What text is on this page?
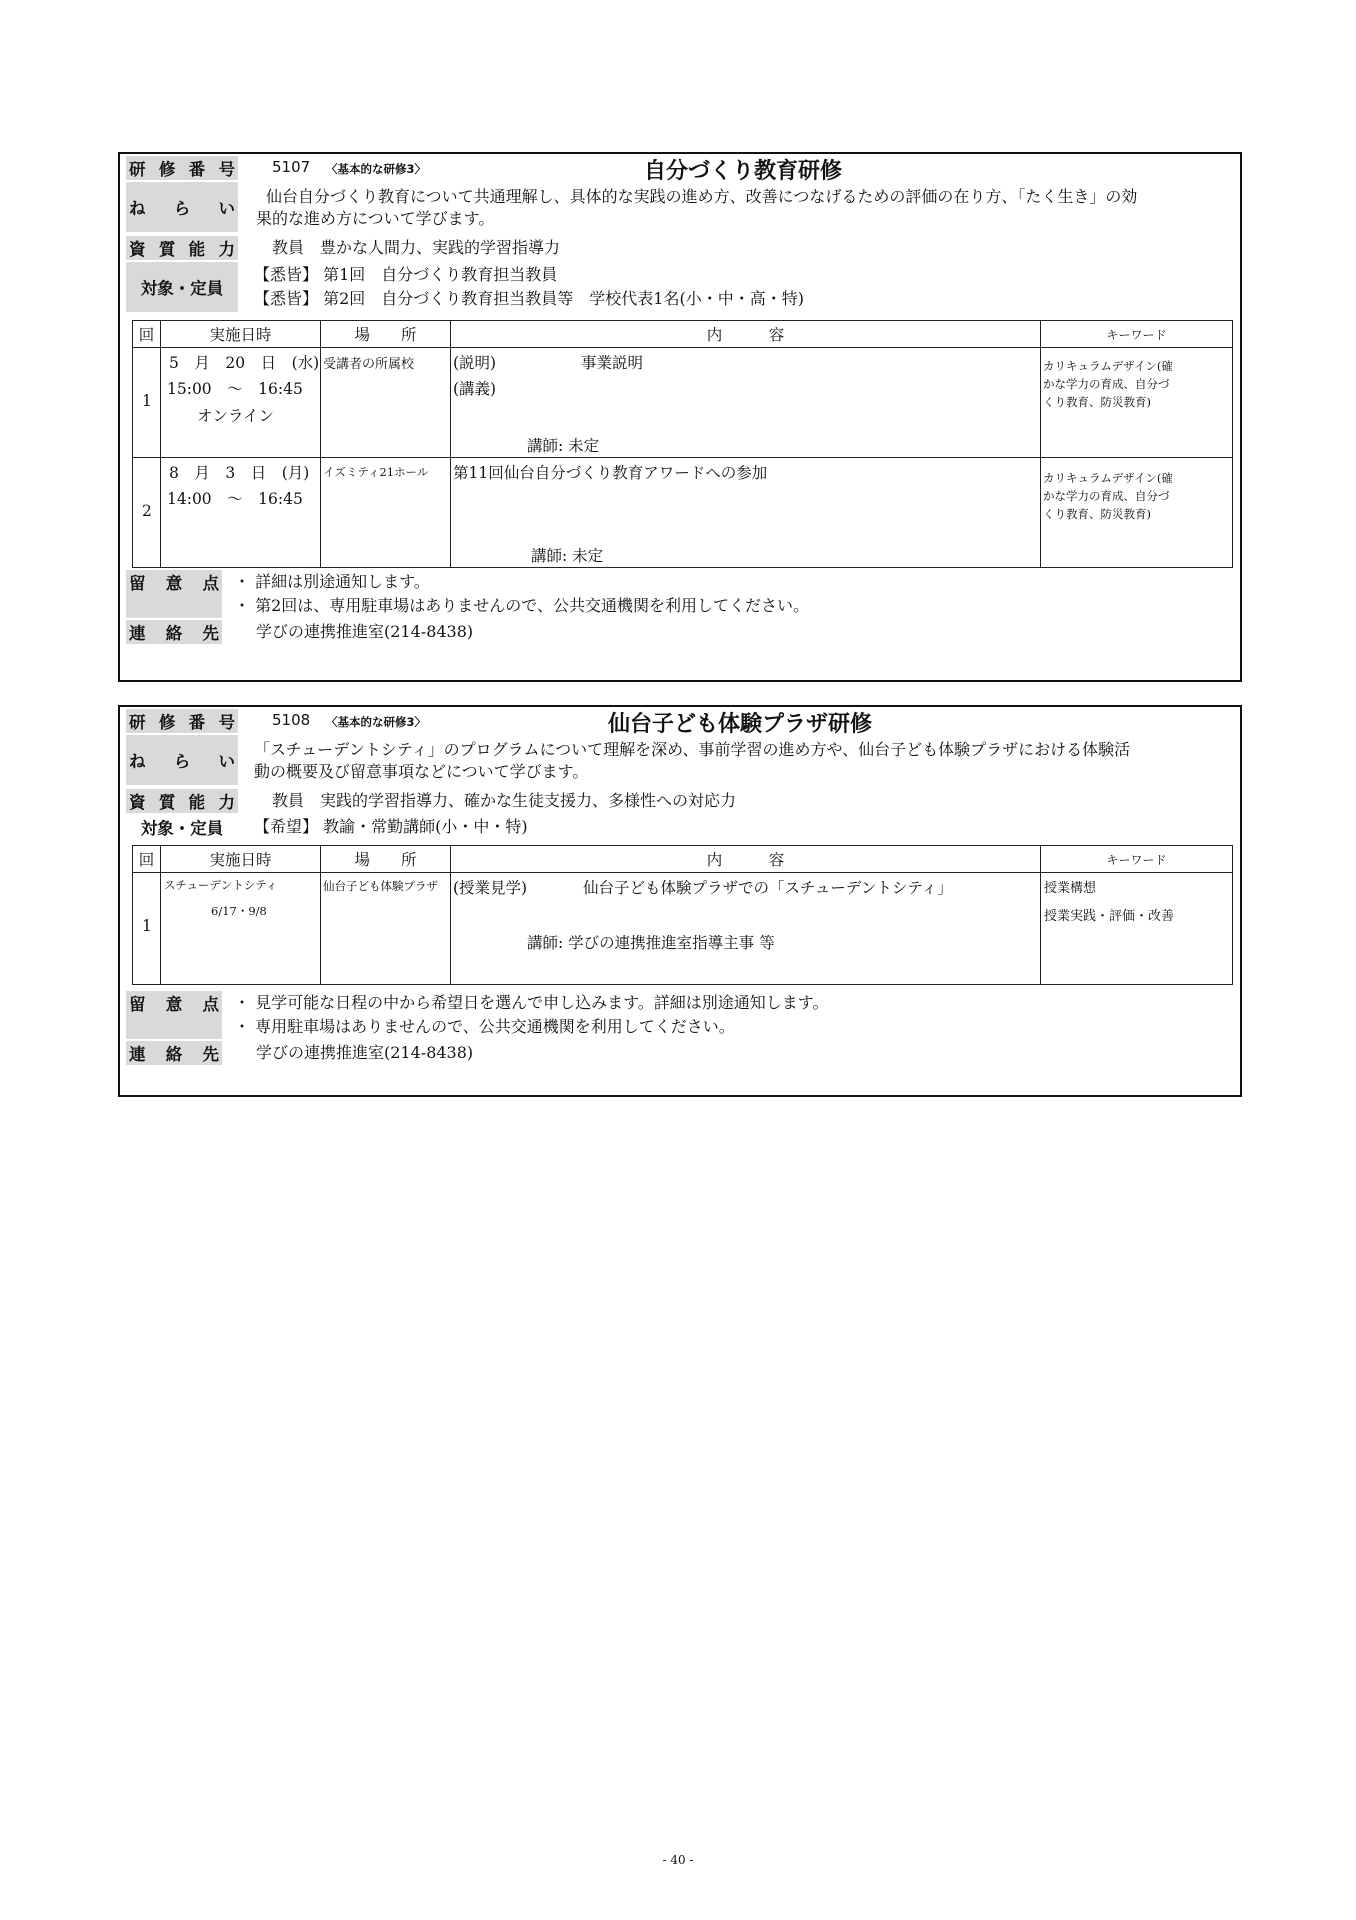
研 修 番 号 5107 〈基本的な研修3〉	自分づくり教育研修
ね ら い
仙台自分づくり教育について共通理解し、具体的な実践の進め方、改善につなげるための評価の在り方、「たく生き」の効
果的な進め方について学びます。
資 質 能 力 教員　豊かな人間力、実践的学習指導力
対象・定員
【悉皆】 第1回　自分づくり教育担当教員
【悉皆】 第2回　自分づくり教育担当教員等　学校代表1名(小・中・高・特)
回	実施日時	場　　所	内　　　容	キーワード

1	5　月　20　日　(水)
15:00　～　16:45
オンライン	受講者の所属校	(説明) 事業説明
(講義)
講師: 未定	カリキュラムデザイン(確
かな学力の育成、自分づ
くり教育、防災教育)

2	8　月　3　日　(月)
14:00　～　16:45	イズミティ21ホール	第11回仙台自分づくり教育アワードへの参加
講師: 未定	カリキュラムデザイン(確
かな学力の育成、自分づ
くり教育、防災教育)
留 意 点 ・ 詳細は別途通知します。
・ 第2回は、専用駐車場はありませんので、公共交通機関を利用してください。
連 絡 先 学びの連携推進室(214-8438)
研 修 番 号 5108 〈基本的な研修3〉	仙台子ども体験プラザ研修
ね ら い
「スチューデントシティ」のプログラムについて理解を深め、事前学習の進め方や、仙台子ども体験プラザにおける体験活
動の概要及び留意事項などについて学びます。
資 質 能 力 教員　実践的学習指導力、確かな生徒支援力、多様性への対応力
対象・定員	【希望】 教諭・常勤講師(小・中・特)
回	実施日時	場　　所	内　　　容	キーワード

1	スチューデントシティ
6/17・9/8	仙台子ども体験プラザ	(授業見学) 仙台子ども体験プラザでの「スチューデントシティ」
講師: 学びの連携推進室指導主事 等	授業構想
授業実践・評価・改善
留 意 点 ・ 見学可能な日程の中から希望日を選んで申し込みます。詳細は別途通知します。
・ 専用駐車場はありませんので、公共交通機関を利用してください。
連 絡 先 学びの連携推進室(214-8438)
- 40 -
